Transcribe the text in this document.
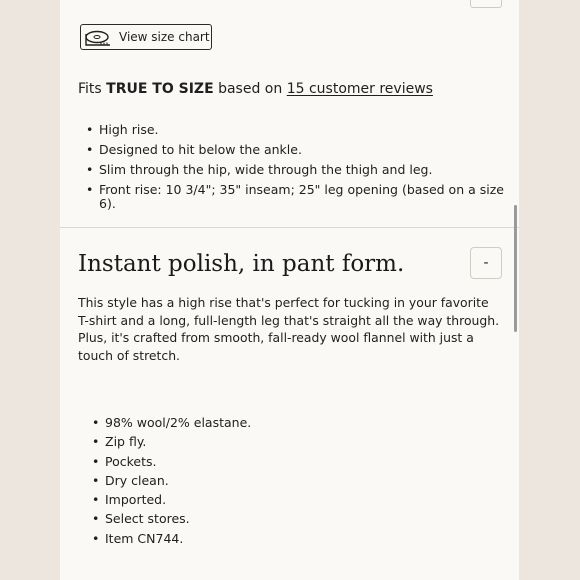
View size chart
Fits TRUE TO SIZE based on 15 customer reviews
• High rise.
• Designed to hit below the ankle.
• Slim through the hip, wide through the thigh and leg.
• Front rise: 10 3/4"; 35" inseam; 25" leg opening (based on a size 6).
Instant polish, in pant form.	-

This style has a high rise that's perfect for tucking in your favorite T-shirt and a long, full-length leg that's straight all the way through. Plus, it's crafted from smooth, fall-ready wool flannel with just a touch of stretch.

• 98% wool/2% elastane.
• Zip fly.
• Pockets.
• Dry clean.
• Imported.
• Select stores.
• Item CN744.
